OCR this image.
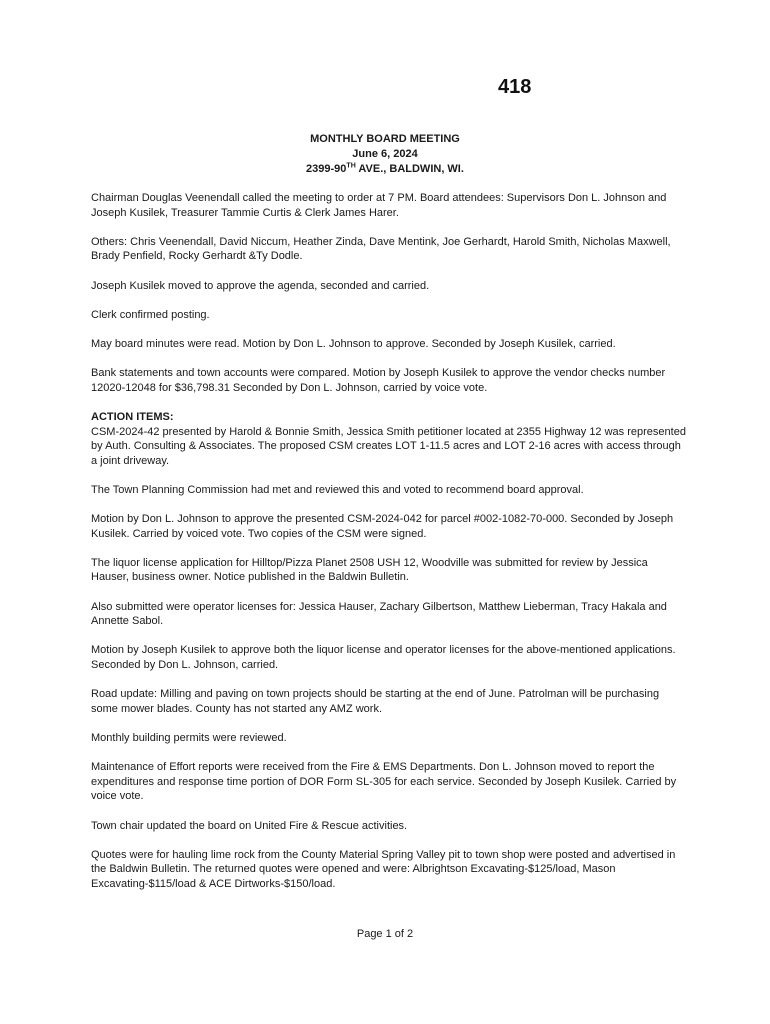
418
MONTHLY BOARD MEETING
June 6, 2024
2399-90TH AVE., BALDWIN, WI.

Chairman Douglas Veenendall called the meeting to order at 7 PM. Board attendees: Supervisors Don L. Johnson and Joseph Kusilek, Treasurer Tammie Curtis & Clerk James Harer.

Others: Chris Veenendall, David Niccum, Heather Zinda, Dave Mentink, Joe Gerhardt, Harold Smith, Nicholas Maxwell, Brady Penfield, Rocky Gerhardt &Ty Dodle.

Joseph Kusilek moved to approve the agenda, seconded and carried.

Clerk confirmed posting.

May board minutes were read. Motion by Don L. Johnson to approve. Seconded by Joseph Kusilek, carried.

Bank statements and town accounts were compared. Motion by Joseph Kusilek to approve the vendor checks number 12020-12048 for $36,798.31 Seconded by Don L. Johnson, carried by voice vote.

ACTION ITEMS:
CSM-2024-42 presented by Harold & Bonnie Smith, Jessica Smith petitioner located at 2355 Highway 12 was represented by Auth. Consulting & Associates. The proposed CSM creates LOT 1-11.5 acres and LOT 2-16 acres with access through a joint driveway.

The Town Planning Commission had met and reviewed this and voted to recommend board approval.

Motion by Don L. Johnson to approve the presented CSM-2024-042 for parcel #002-1082-70-000. Seconded by Joseph Kusilek. Carried by voiced vote. Two copies of the CSM were signed.

The liquor license application for Hilltop/Pizza Planet 2508 USH 12, Woodville was submitted for review by Jessica Hauser, business owner. Notice published in the Baldwin Bulletin.

Also submitted were operator licenses for: Jessica Hauser, Zachary Gilbertson, Matthew Lieberman, Tracy Hakala and Annette Sabol.

Motion by Joseph Kusilek to approve both the liquor license and operator licenses for the above-mentioned applications. Seconded by Don L. Johnson, carried.

Road update: Milling and paving on town projects should be starting at the end of June. Patrolman will be purchasing some mower blades. County has not started any AMZ work.

Monthly building permits were reviewed.

Maintenance of Effort reports were received from the Fire & EMS Departments. Don L. Johnson moved to report the expenditures and response time portion of DOR Form SL-305 for each service. Seconded by Joseph Kusilek. Carried by voice vote.

Town chair updated the board on United Fire & Rescue activities.

Quotes were for hauling lime rock from the County Material Spring Valley pit to town shop were posted and advertised in the Baldwin Bulletin. The returned quotes were opened and were: Albrightson Excavating-$125/load, Mason Excavating-$115/load & ACE Dirtworks-$150/load.

Page 1 of 2
